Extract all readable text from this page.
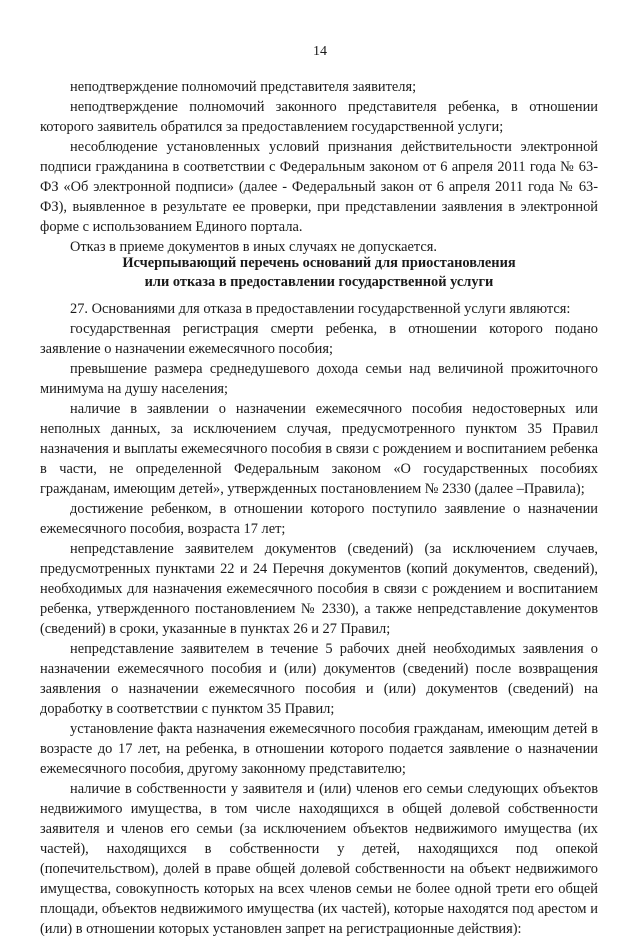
14

неподтверждение полномочий представителя заявителя;

неподтверждение полномочий законного представителя ребенка, в отношении которого заявитель обратился за предоставлением государственной услуги;

несоблюдение установленных условий признания действительности электронной подписи гражданина в соответствии с Федеральным законом от 6 апреля 2011 года № 63-ФЗ «Об электронной подписи» (далее - Федеральный закон от 6 апреля 2011 года № 63-ФЗ), выявленное в результате ее проверки, при представлении заявления в электронной форме с использованием Единого портала.

Отказ в приеме документов в иных случаях не допускается.

Исчерпывающий перечень оснований для приостановления
или отказа в предоставлении государственной услуги

27. Основаниями для отказа в предоставлении государственной услуги являются:

государственная регистрация смерти ребенка, в отношении которого подано заявление о назначении ежемесячного пособия;

превышение размера среднедушевого дохода семьи над величиной прожиточного минимума на душу населения;

наличие в заявлении о назначении ежемесячного пособия недостоверных или неполных данных, за исключением случая, предусмотренного пунктом 35 Правил назначения и выплаты ежемесячного пособия в связи с рождением и воспитанием ребенка в части, не определенной Федеральным законом «О государственных пособиях гражданам, имеющим детей», утвержденных постановлением № 2330 (далее –Правила);

достижение ребенком, в отношении которого поступило заявление о назначении ежемесячного пособия, возраста 17 лет;

непредставление заявителем документов (сведений) (за исключением случаев, предусмотренных пунктами 22 и 24 Перечня документов (копий документов, сведений), необходимых для назначения ежемесячного пособия в связи с рождением и воспитанием ребенка, утвержденного постановлением № 2330), а также непредставление документов (сведений) в сроки, указанные в пунктах 26 и 27 Правил;

непредставление заявителем в течение 5 рабочих дней необходимых заявления о назначении ежемесячного пособия и (или) документов (сведений) после возвращения заявления о назначении ежемесячного пособия и (или) документов (сведений) на доработку в соответствии с пунктом 35 Правил;

установление факта назначения ежемесячного пособия гражданам, имеющим детей в возрасте до 17 лет, на ребенка, в отношении которого подается заявление о назначении ежемесячного пособия, другому законному представителю;

наличие в собственности у заявителя и (или) членов его семьи следующих объектов недвижимого имущества, в том числе находящихся в общей долевой собственности заявителя и членов его семьи (за исключением объектов недвижимого имущества (их частей), находящихся в собственности у детей, находящихся под опекой (попечительством), долей в праве общей долевой собственности на объект недвижимого имущества, совокупность которых на всех членов семьи не более одной трети его общей площади, объектов недвижимого имущества (их частей), которые находятся под арестом и (или) в отношении которых установлен запрет на регистрационные действия):
